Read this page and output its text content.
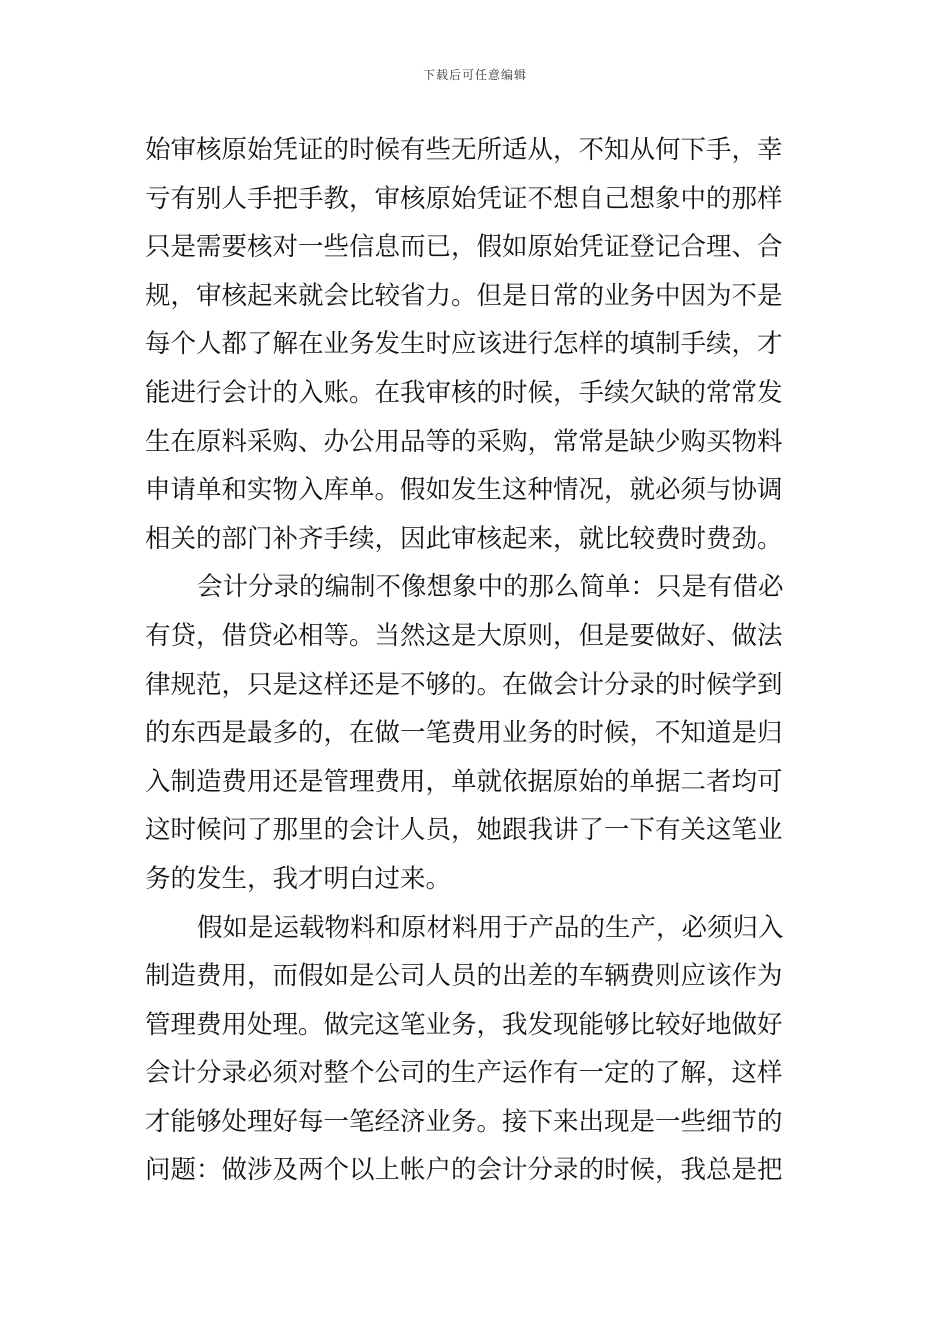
下载后可任意编辑
始审核原始凭证的时候有些无所适从，不知从何下手，幸
亏有别人手把手教，审核原始凭证不想自己想象中的那样
只是需要核对一些信息而已，假如原始凭证登记合理、合
规，审核起来就会比较省力。但是日常的业务中因为不是
每个人都了解在业务发生时应该进行怎样的填制手续，才
能进行会计的入账。在我审核的时候，手续欠缺的常常发
生在原料采购、办公用品等的采购，常常是缺少购买物料
申请单和实物入库单。假如发生这种情况，就必须与协调
相关的部门补齐手续，因此审核起来，就比较费时费劲。
会计分录的编制不像想象中的那么简单：只是有借必
有贷，借贷必相等。当然这是大原则，但是要做好、做法
律规范，只是这样还是不够的。在做会计分录的时候学到
的东西是最多的，在做一笔费用业务的时候，不知道是归
入制造费用还是管理费用，单就依据原始的单据二者均可
这时候问了那里的会计人员，她跟我讲了一下有关这笔业
务的发生，我才明白过来。
假如是运载物料和原材料用于产品的生产，必须归入
制造费用，而假如是公司人员的出差的车辆费则应该作为
管理费用处理。做完这笔业务，我发现能够比较好地做好
会计分录必须对整个公司的生产运作有一定的了解，这样
才能够处理好每一笔经济业务。接下来出现是一些细节的
问题：做涉及两个以上帐户的会计分录的时候，我总是把
